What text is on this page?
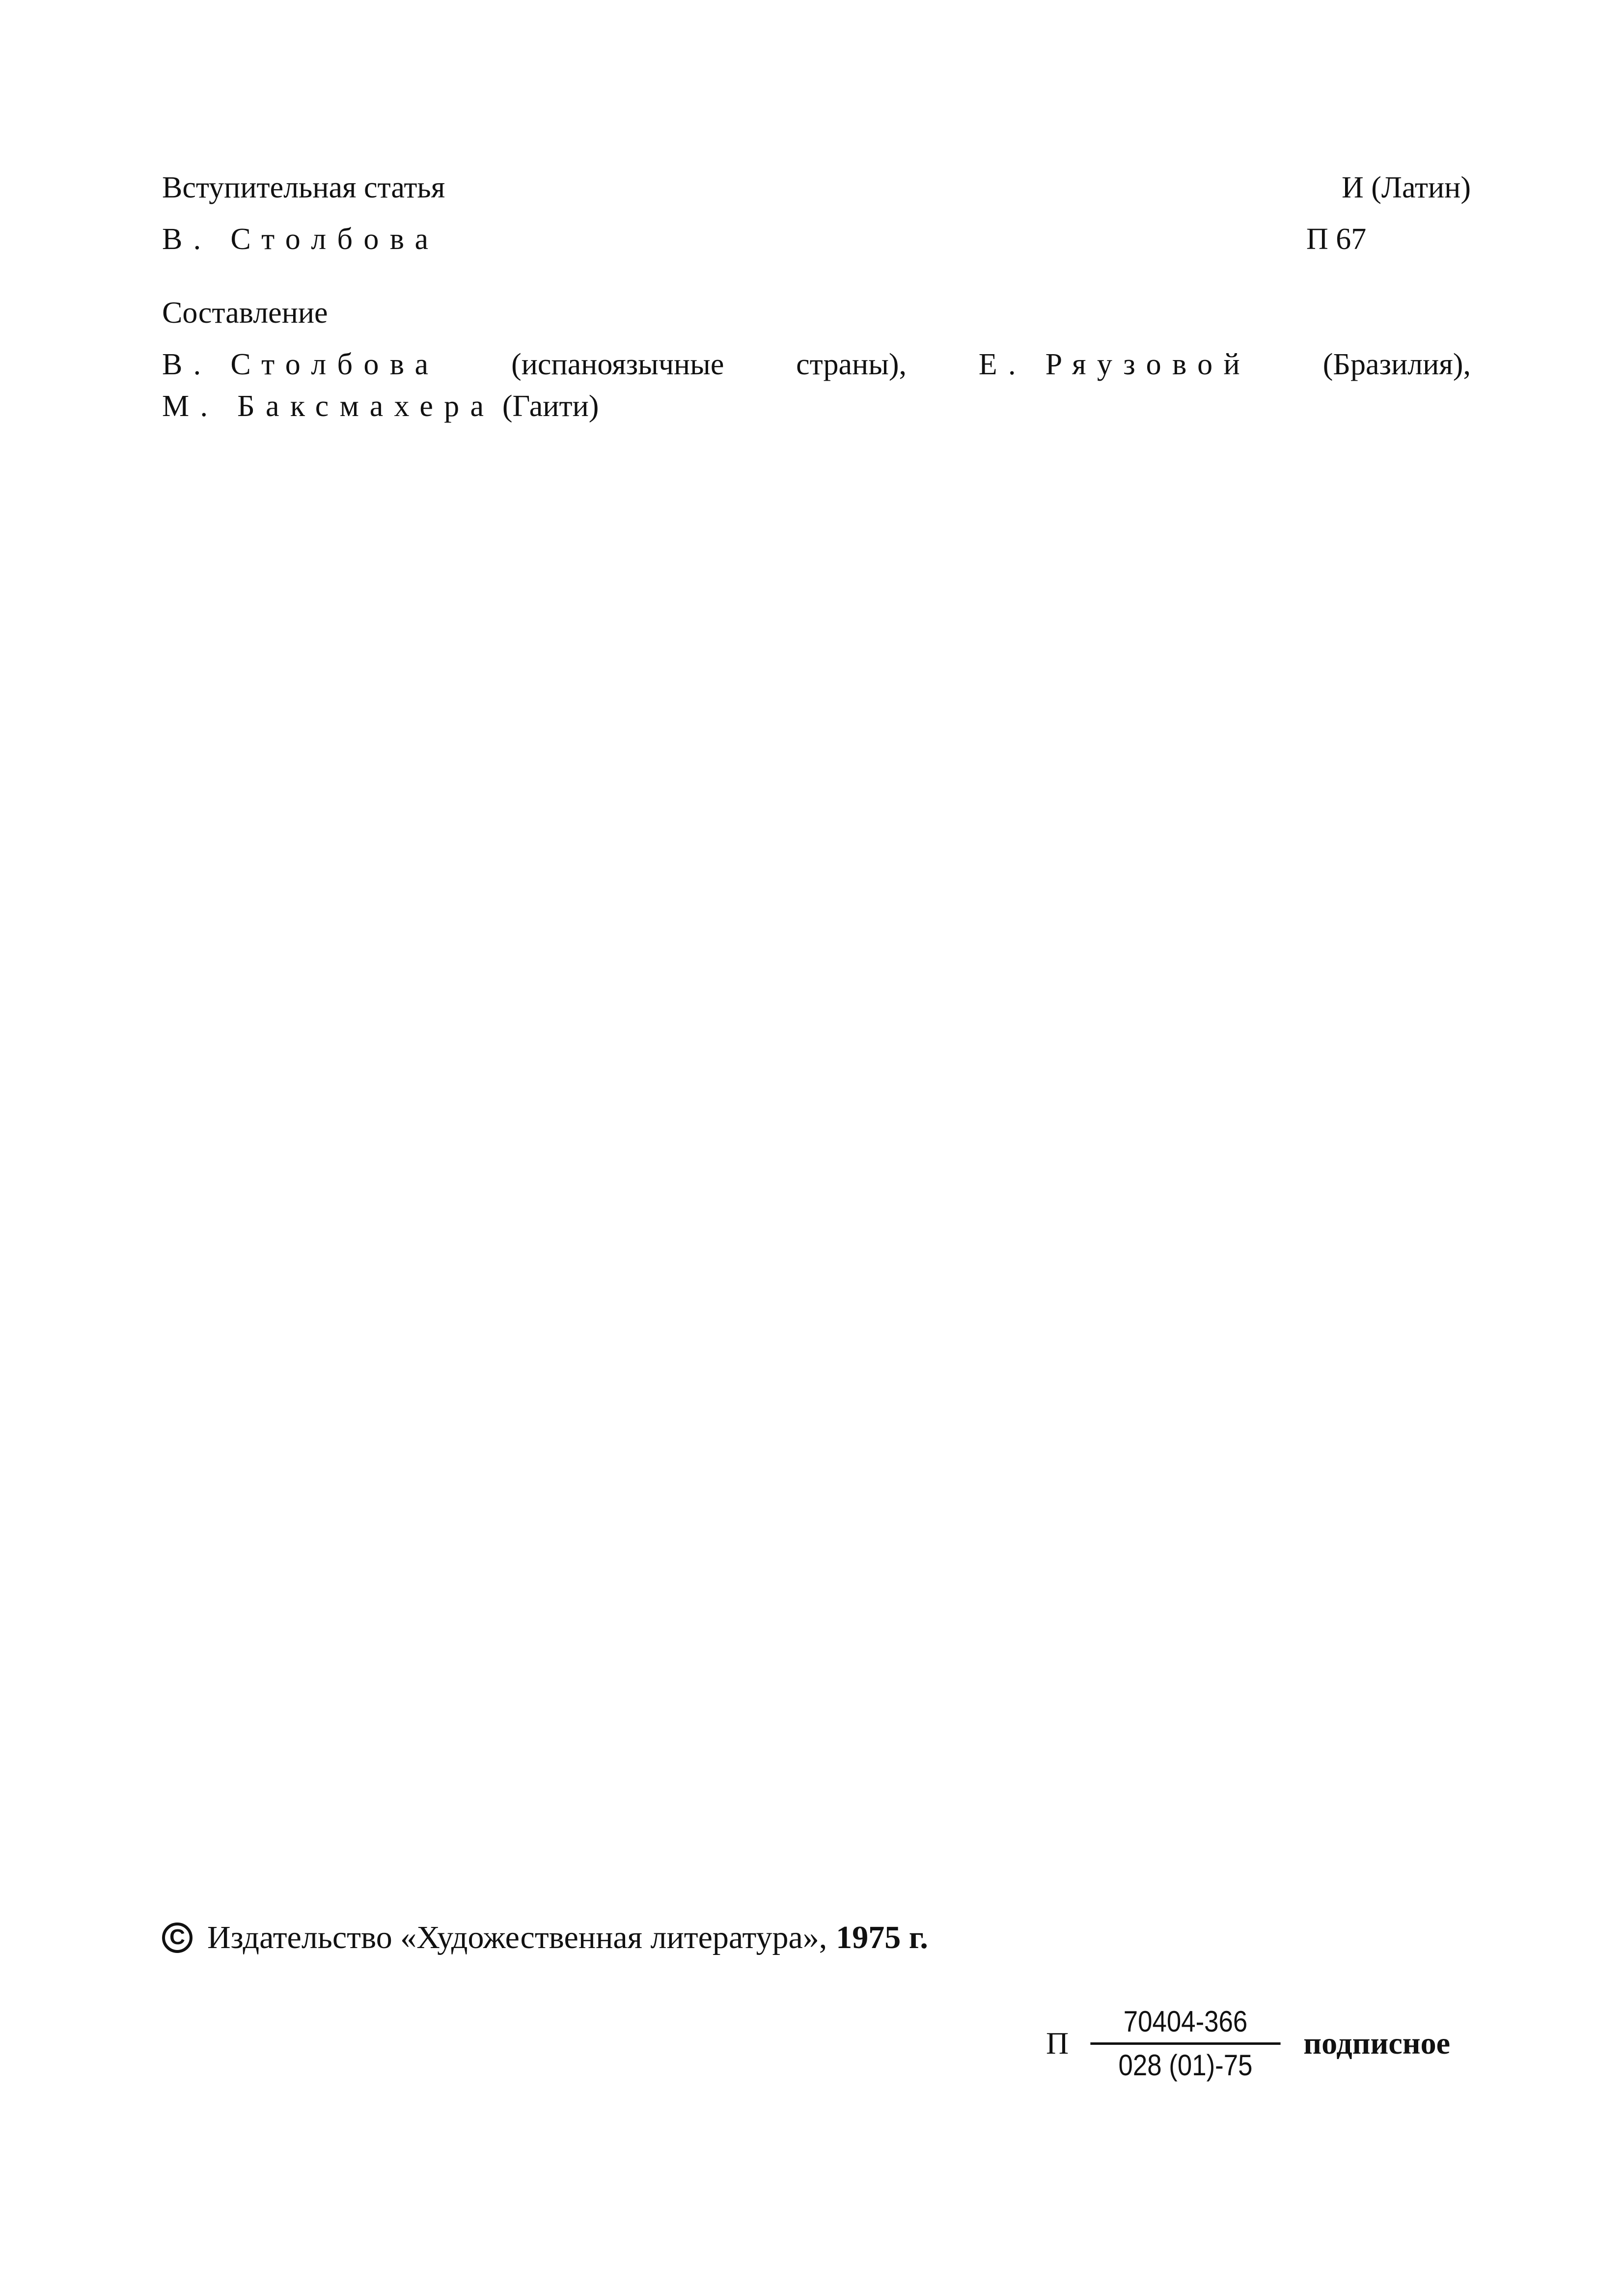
Вступительная статья
В. Столбова
И (Латин)
П 67
Составление
В. Столбова (испаноязычные страны), Е. Ряузовой (Бразилия),
М. Баксмахера (Гаити)
C Издательство «Художественная литература», 1975 г.
П
70404-366
028 (01)-75
подписное
